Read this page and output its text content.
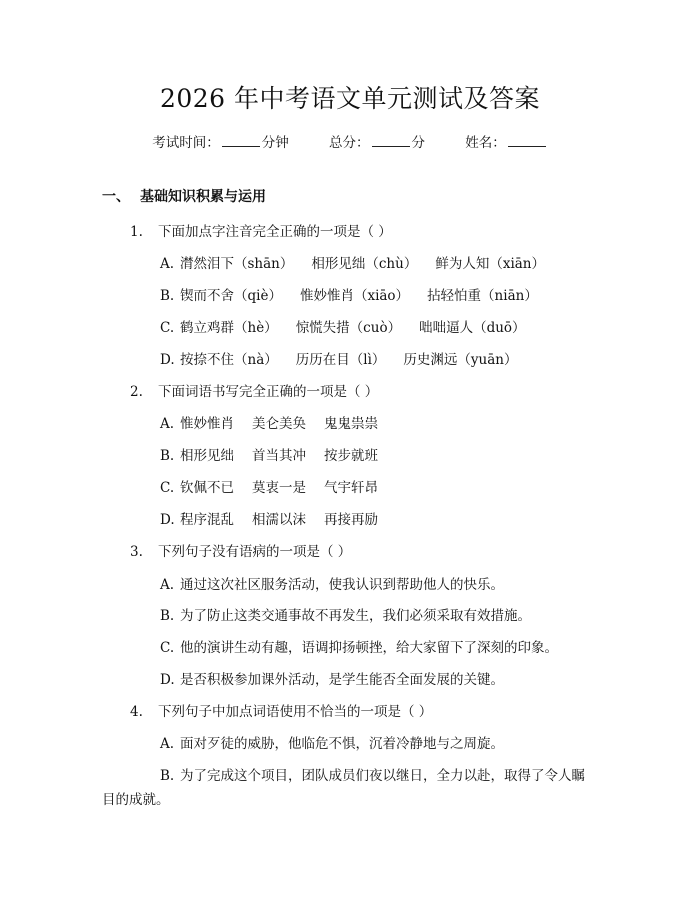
2026 年中考语文单元测试及答案
考试时间：	分钟	总分：	分	姓名：
一、 基础知识积累与运用
1. 下面加点字注音完全正确的一项是（ ）
A. 潸然泪下（shān） 相形见绌（chù） 鲜为人知（xiān）
B. 锲而不舍（qiè） 惟妙惟肖（xiāo） 拈轻怕重（niān）
C. 鹤立鸡群（hè） 惊慌失措（cuò） 咄咄逼人（duō）
D. 按捺不住（nà） 历历在目（lì） 历史渊远（yuān）
2. 下面词语书写完全正确的一项是（ ）
A. 惟妙惟肖 美仑美奂 鬼鬼祟祟
B. 相形见绌 首当其冲 按步就班
C. 钦佩不已 莫衷一是 气宇轩昂
D. 程序混乱 相濡以沫 再接再励
3. 下列句子没有语病的一项是（ ）
A. 通过这次社区服务活动，使我认识到帮助他人的快乐。
B. 为了防止这类交通事故不再发生，我们必须采取有效措施。
C. 他的演讲生动有趣，语调抑扬顿挫，给大家留下了深刻的印象。
D. 是否积极参加课外活动，是学生能否全面发展的关键。
4. 下列句子中加点词语使用不恰当的一项是（ ）
A. 面对歹徒的威胁，他临危不惧，沉着冷静地与之周旋。
B. 为了完成这个项目，团队成员们夜以继日，全力以赴，取得了令人瞩
目的成就。
